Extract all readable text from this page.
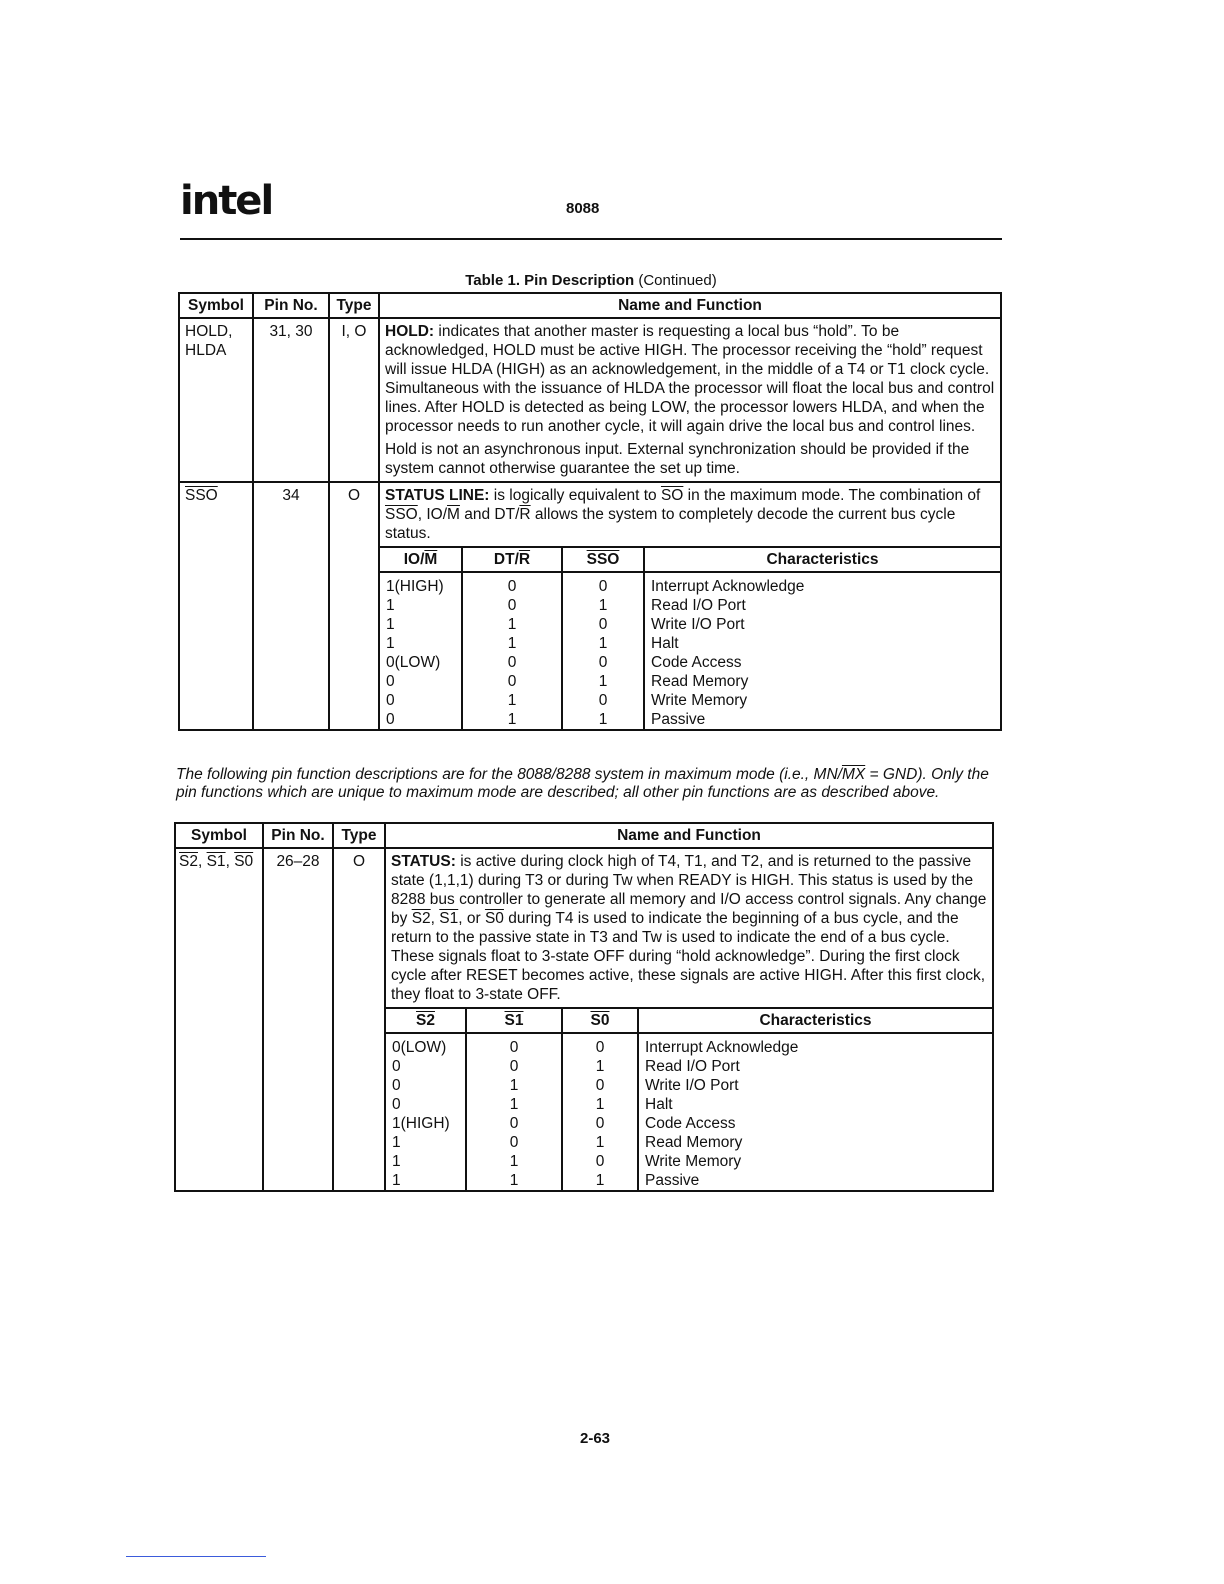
intel	8088
Table 1. Pin Description (Continued)
Symbol	Pin No.	Type	Name and Function
HOLD, HLDA	31, 30	I, O	HOLD: indicates that another master is requesting a local bus “hold”. To be acknowledged, HOLD must be active HIGH. The processor receiving the “hold” request will issue HLDA (HIGH) as an acknowledgement, in the middle of a T4 or T1 clock cycle. Simultaneous with the issuance of HLDA the processor will float the local bus and control lines. After HOLD is detected as being LOW, the processor lowers HLDA, and when the processor needs to run another cycle, it will again drive the local bus and control lines.

Hold is not an asynchronous input. External synchronization should be provided if the system cannot otherwise guarantee the set up time.

$\overline{SSO}$	34	O	STATUS LINE: is logically equivalent to $\overline{SO}$ in the maximum mode. The combination of $\overline{SSO}$, $IO/\overline{M}$ and $DT/\overline{R}$ allows the system to completely decode the current bus cycle status.

$IO/\overline{M}$	$DT/\overline{R}$	$\overline{SSO}$	Characteristics
1(HIGH)	0	0	Interrupt Acknowledge
1	0	1	Read I/O Port
1	1	0	Write I/O Port
1	1	1	Halt
0(LOW)	0	0	Code Access
0	0	1	Read Memory
0	1	0	Write Memory
0	1	1	Passive
The following pin function descriptions are for the 8088/8288 system in maximum mode (i.e., $MN/\overline{MX} = GND$). Only the pin functions which are unique to maximum mode are described; all other pin functions are as described above.
Symbol	Pin No.	Type	Name and Function
S2, S1, S0	26–28	O	STATUS: is active during clock high of T4, T1, and T2, and is returned to the passive state (1,1,1) during T3 or during Tw when READY is HIGH. This status is used by the 8288 bus controller to generate all memory and I/O access control signals. Any change by S2, S1, or S0 during T4 is used to indicate the beginning of a bus cycle, and the return to the passive state in T3 and Tw is used to indicate the end of a bus cycle.

These signals float to 3-state OFF during “hold acknowledge”. During the first clock cycle after RESET becomes active, these signals are active HIGH. After this first clock, they float to 3-state OFF.

S2	S1	S0	Characteristics
0(LOW)	0	0	Interrupt Acknowledge
0	0	1	Read I/O Port
0	1	0	Write I/O Port
0	1	1	Halt
1(HIGH)	0	0	Code Access
1	0	1	Read Memory
1	1	0	Write Memory
1	1	1	Passive
2-63
